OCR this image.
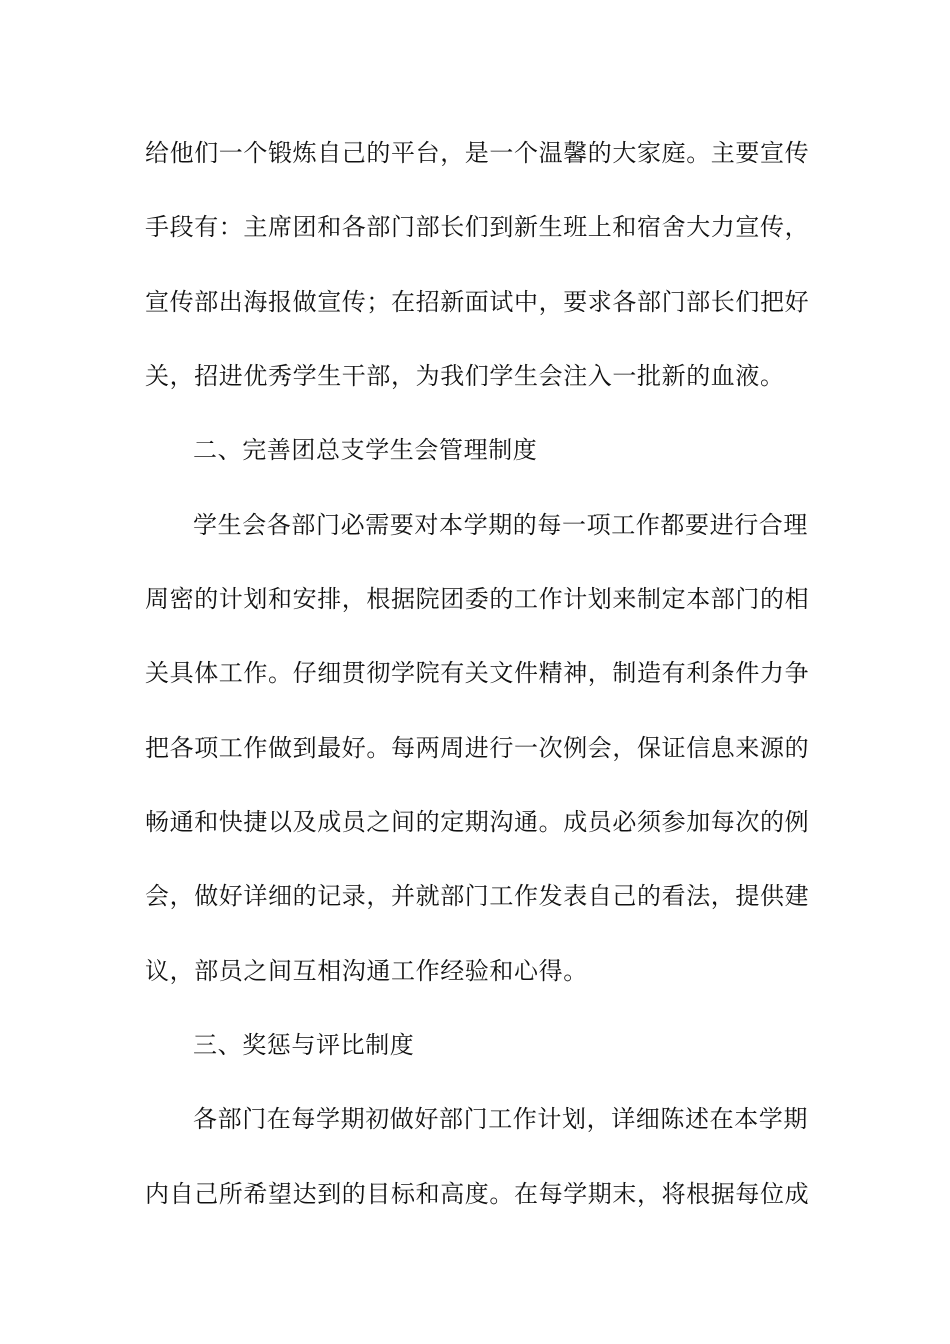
给他们一个锻炼自己的平台，是一个温馨的大家庭。主要宣传
手段有：主席团和各部门部长们到新生班上和宿舍大力宣传，
宣传部出海报做宣传；在招新面试中，要求各部门部长们把好
关，招进优秀学生干部，为我们学生会注入一批新的血液。
二、完善团总支学生会管理制度
学生会各部门必需要对本学期的每一项工作都要进行合理
周密的计划和安排，根据院团委的工作计划来制定本部门的相
关具体工作。仔细贯彻学院有关文件精神，制造有利条件力争
把各项工作做到最好。每两周进行一次例会，保证信息来源的
畅通和快捷以及成员之间的定期沟通。成员必须参加每次的例
会，做好详细的记录，并就部门工作发表自己的看法，提供建
议，部员之间互相沟通工作经验和心得。
三、奖惩与评比制度
各部门在每学期初做好部门工作计划，详细陈述在本学期
内自己所希望达到的目标和高度。在每学期末，将根据每位成
